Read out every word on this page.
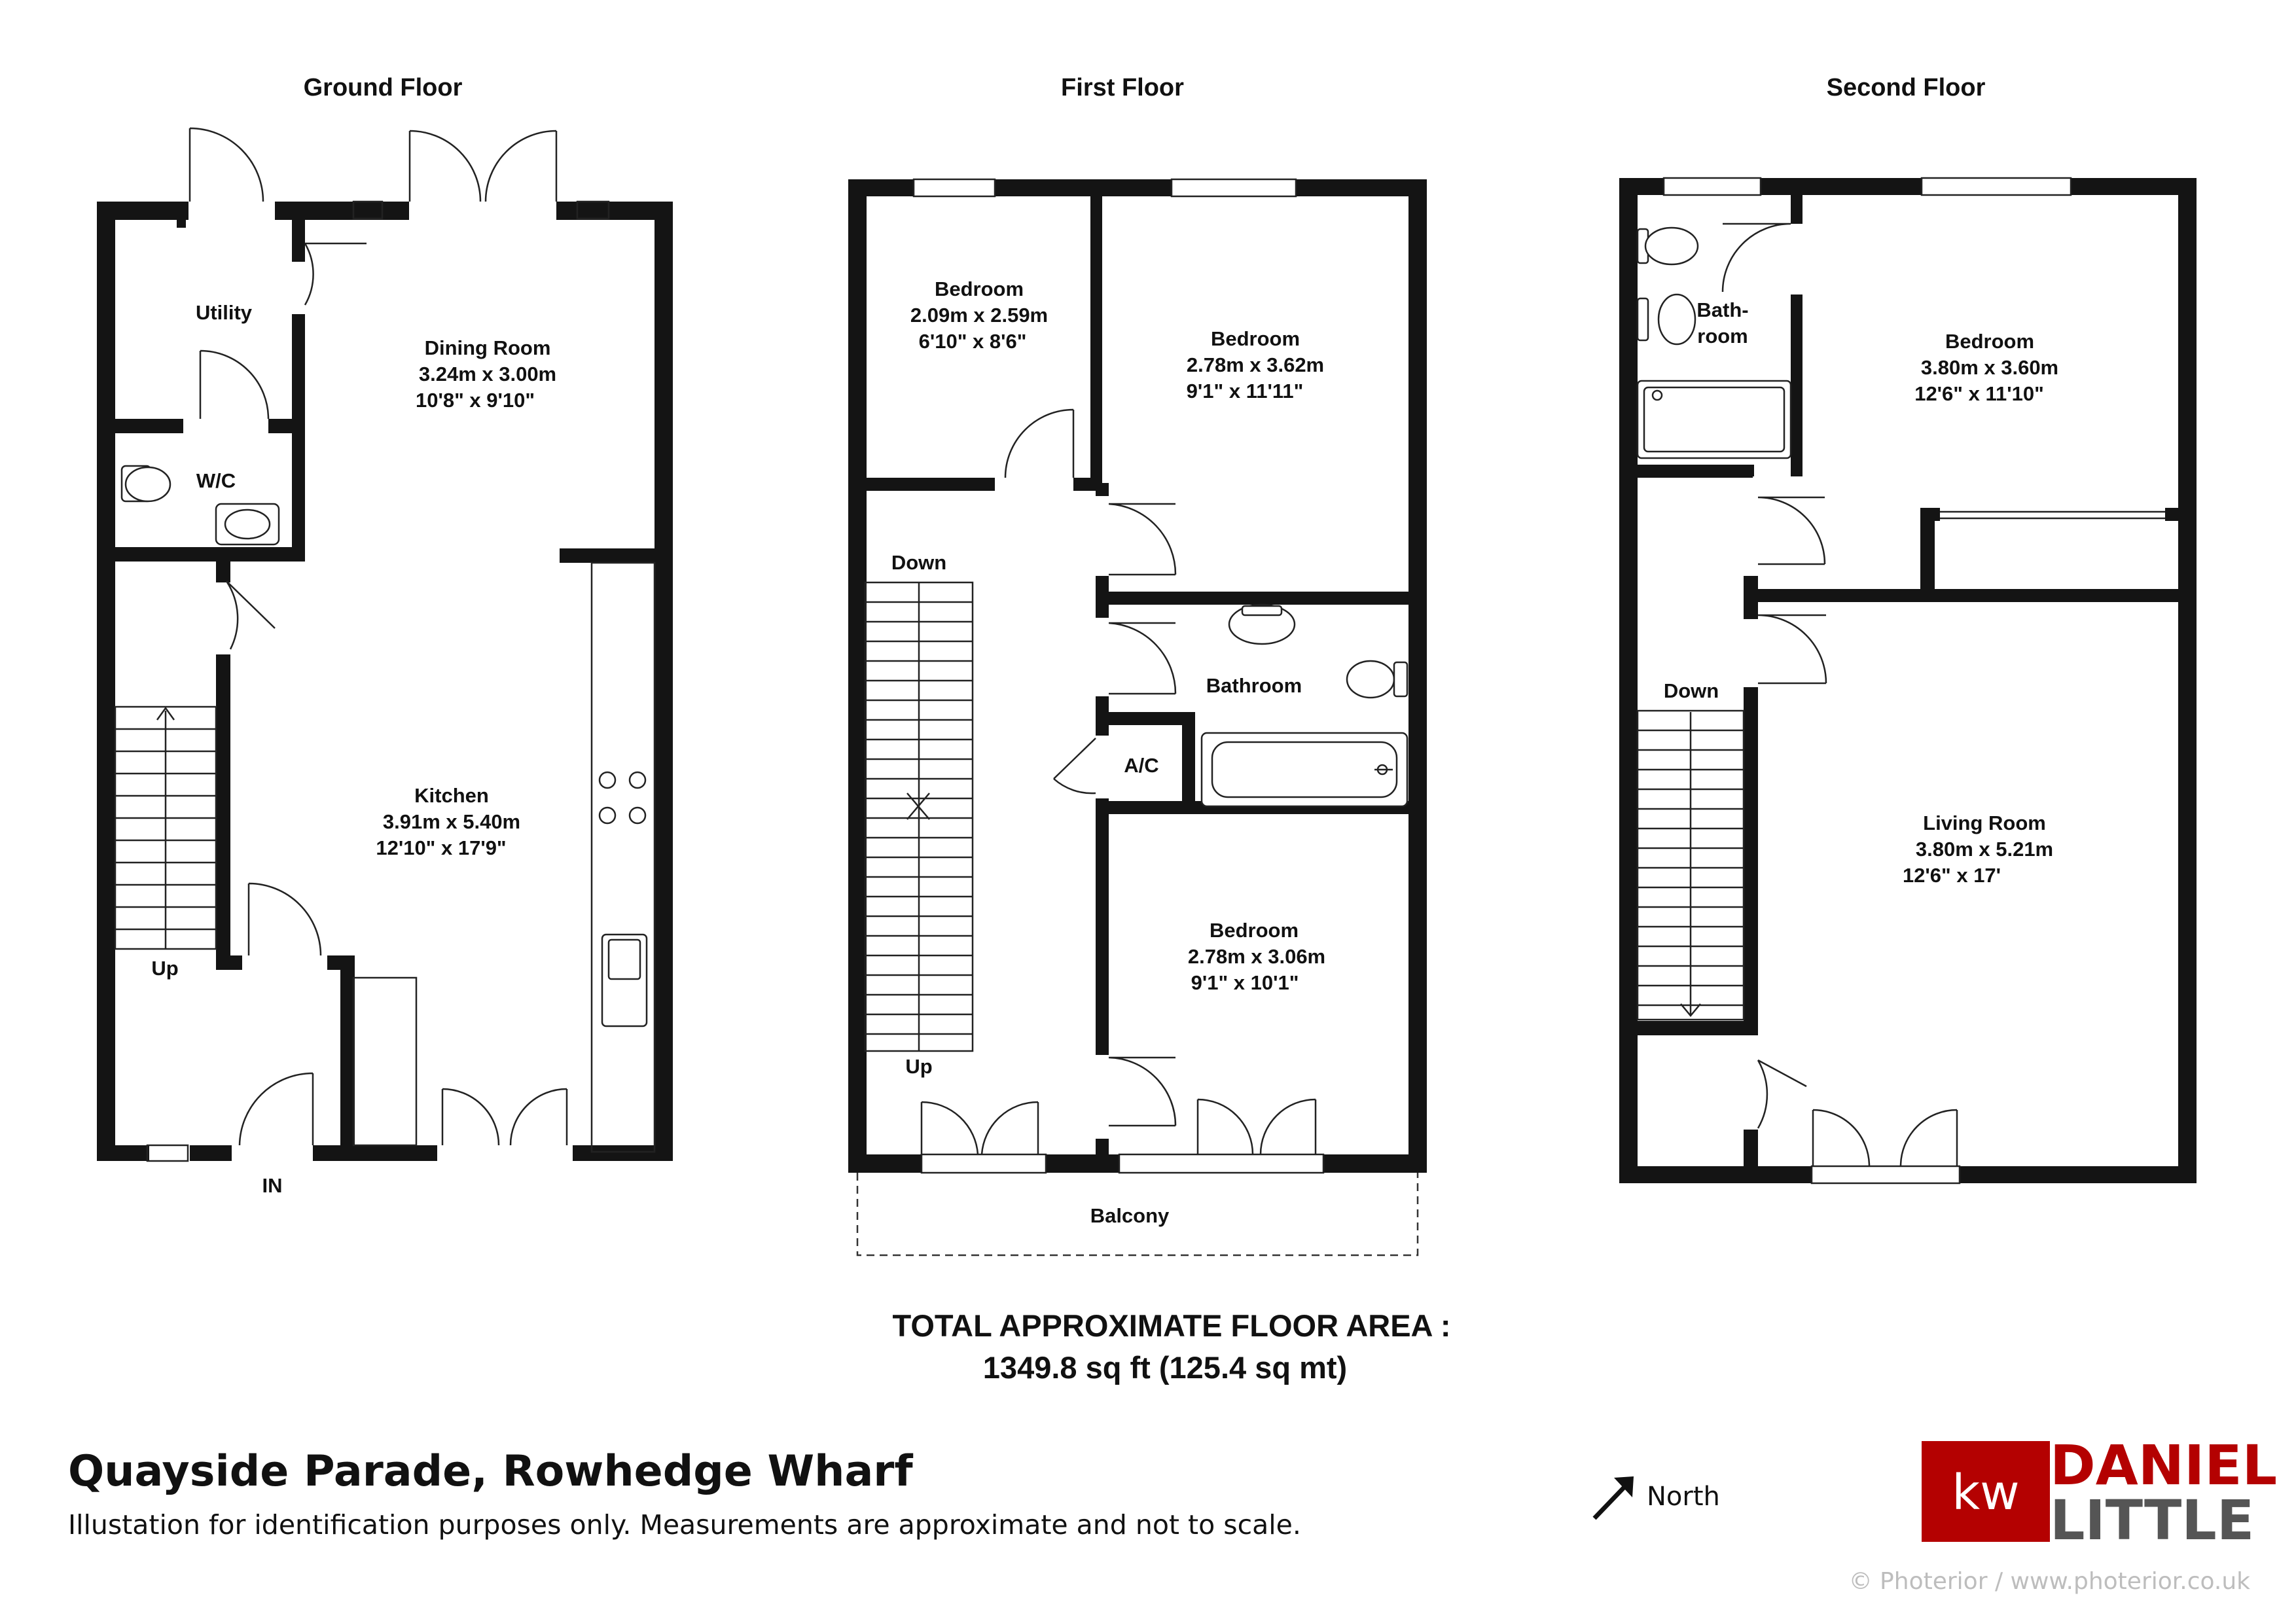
Ground Floor
Utility
W/C
Dining Room
3.24m x 3.00m
10'8" x 9'10"
Kitchen
3.91m x 5.40m
12'10" x 17'9"
Up
IN
First Floor
Bedroom
2.09m x 2.59m
6'10" x 8'6"	Bedroom
2.78m x 3.62m
9'1" x 11'11"
Bathroom
A/C
Bedroom
2.78m x 3.06m
9'1" x 10'1"
Down
Up
Balcony
Second Floor
Bath-
room	Bedroom
3.80m x 3.60m
12'6" x 11'10"
Living Room
3.80m x 5.21m
12'6" x 17'
Down
TOTAL APPROXIMATE FLOOR AREA :
1349.8 sq ft (125.4 sq mt)
Quayside Parade, Rowhedge Wharf
Illustation for identification purposes only. Measurements are approximate and not to scale.
North	kw DANIEL
LITTLE
© Photerior / www.photerior.co.uk
